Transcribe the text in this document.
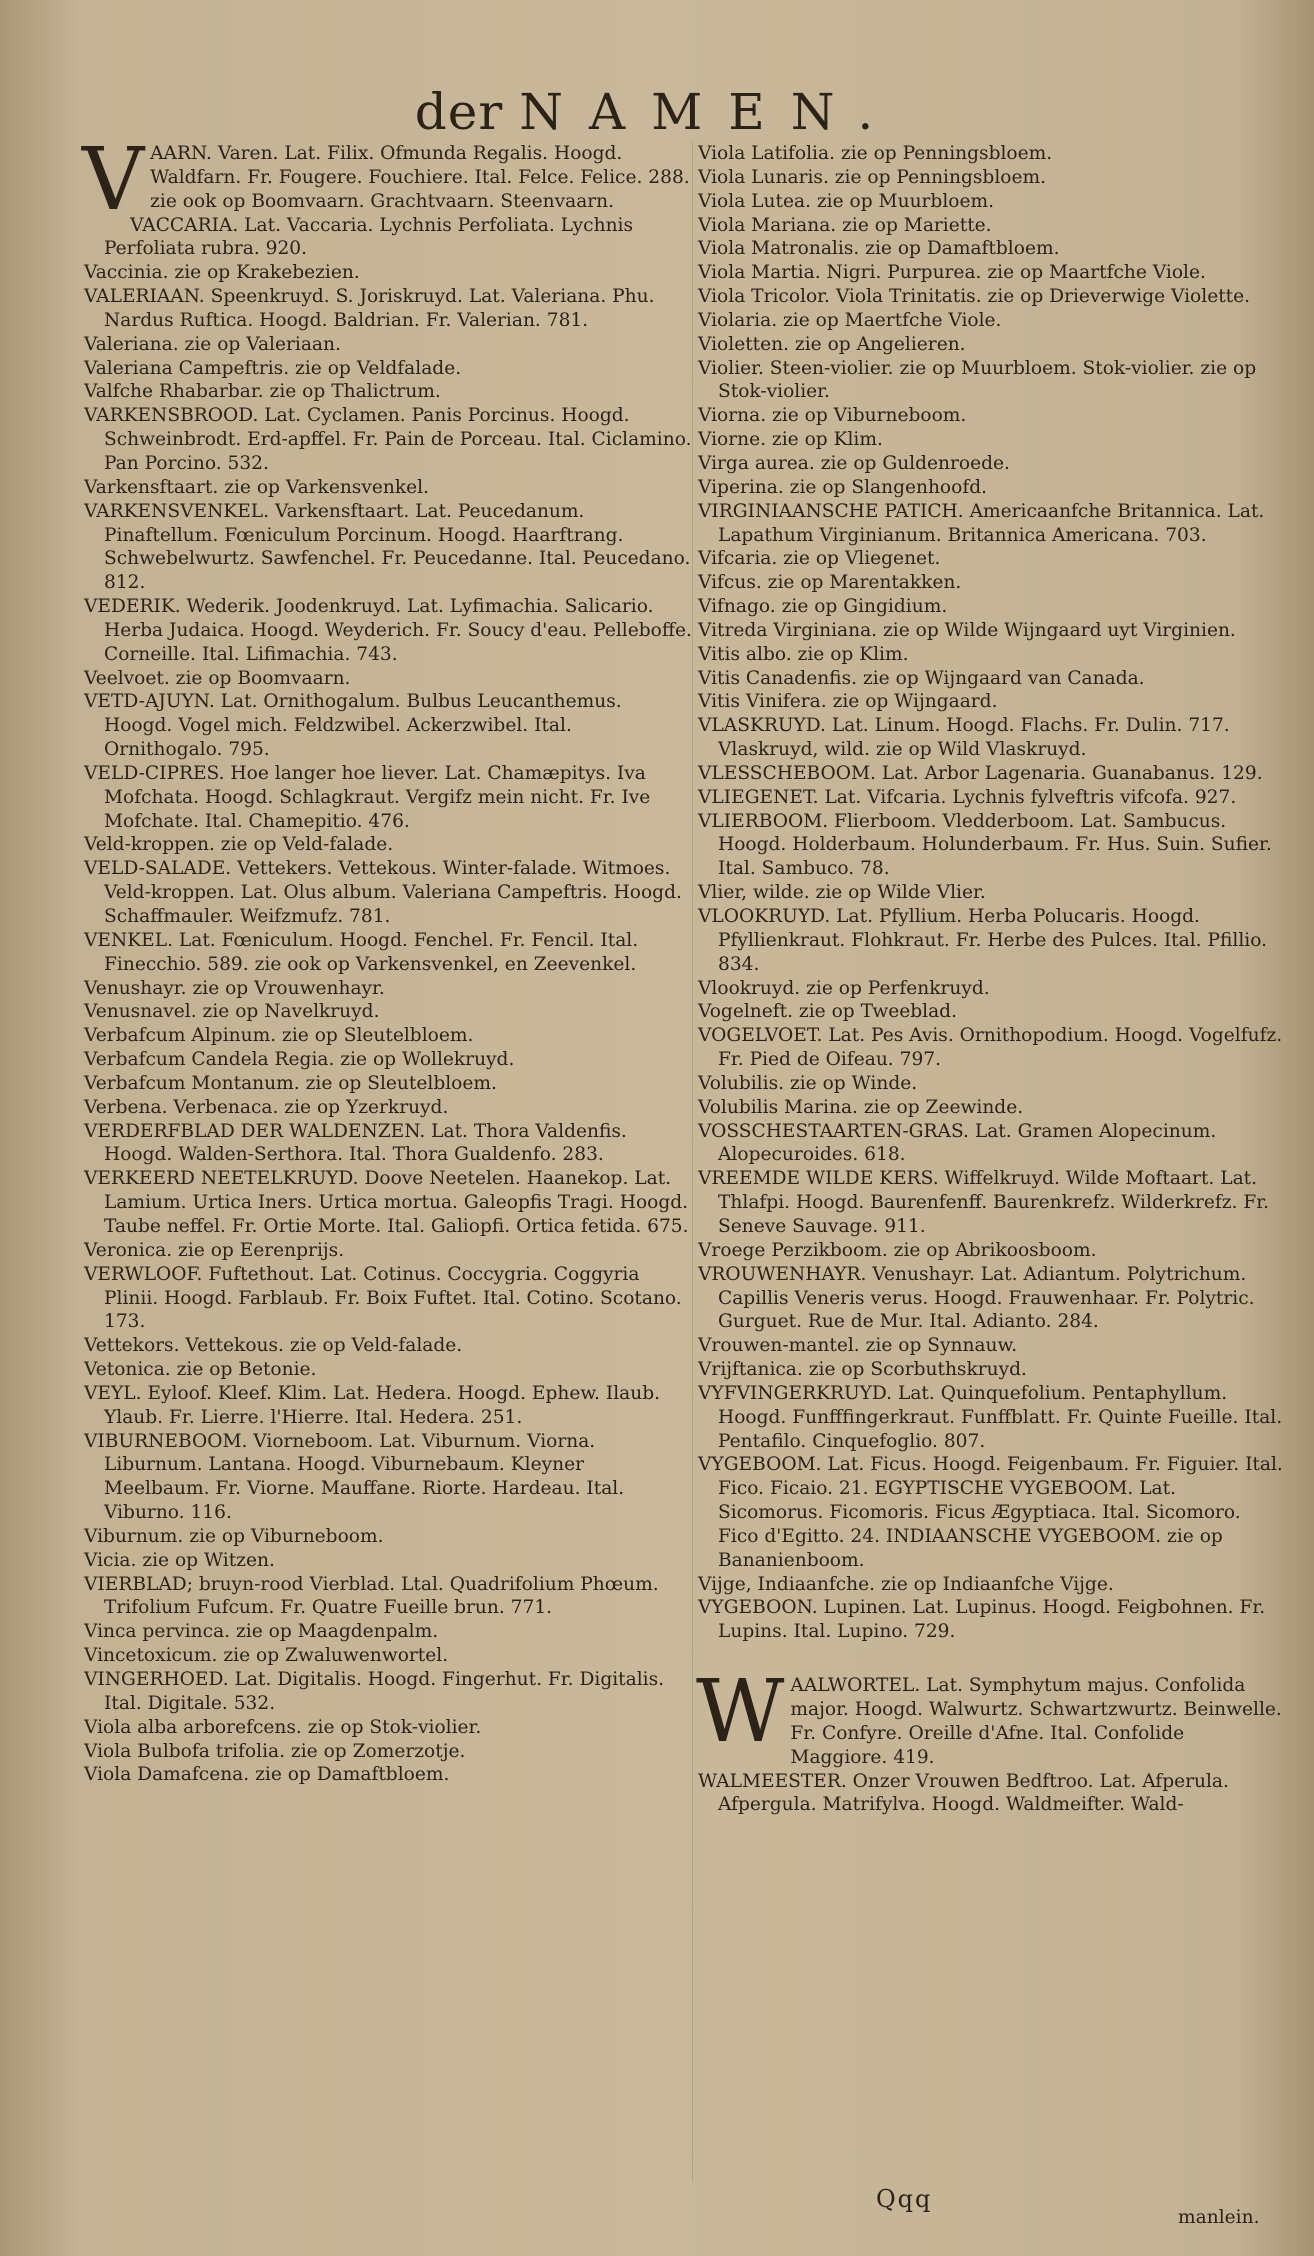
der NAMEN.
VAARN. Varen. Lat. Filix. Ofmunda Regalis. Hoogd. Waldfarn. Fr. Fougere. Fouchiere. Ital. Felce. Felice. 288. zie ook op Boomvaarn. Grachtvaarn. Steenvaarn.
VACCARIA. Lat. Vaccaria. Lychnis Perfoliata. Lychnis Perfoliata rubra. 920.
Vaccinia. zie op Krakebezien.
VALERIAAN. Speenkruyd. S. Joriskruyd. Lat. Valeriana. Phu. Nardus Ruftica. Hoogd. Baldrian. Fr. Valerian. 781.
Valeriana. zie op Valeriaan.
Valeriana Campeftris. zie op Veldfalade.
Valfche Rhabarbar. zie op Thalictrum.
VARKENSBROOD. Lat. Cyclamen. Panis Porcinus. Hoogd. Schweinbrodt. Erd-apffel. Fr. Pain de Porceau. Ital. Ciclamino. Pan Porcino. 532.
Varkensftaart. zie op Varkensvenkel.
VARKENSVENKEL. Varkensftaart. Lat. Peucedanum. Pinaftellum. Fœniculum Porcinum. Hoogd. Haarftrang. Schwebelwurtz. Sawfenchel. Fr. Peucedanne. Ital. Peucedano. 812.
VEDERIK. Wederik. Joodenkruyd. Lat. Lyfimachia. Salicario. Herba Judaica. Hoogd. Weyderich. Fr. Soucy d'eau. Pelleboffe. Corneille. Ital. Lifimachia. 743.
Veelvoet. zie op Boomvaarn.
VETD-AJUYN. Lat. Ornithogalum. Bulbus Leucanthemus. Hoogd. Vogel mich. Feldzwibel. Ackerzwibel. Ital. Ornithogalo. 795.
VELD-CIPRES. Hoe langer hoe liever. Lat. Chamæpitys. Iva Mofchata. Hoogd. Schlagkraut. Vergifz mein nicht. Fr. Ive Mofchate. Ital. Chamepitio. 476.
Veld-kroppen. zie op Veld-falade.
VELD-SALADE. Vettekers. Vettekous. Winter-falade. Witmoes. Veld-kroppen. Lat. Olus album. Valeriana Campeftris. Hoogd. Schaffmauler. Weifzmufz. 781.
VENKEL. Lat. Fœniculum. Hoogd. Fenchel. Fr. Fencil. Ital. Finecchio. 589. zie ook op Varkensvenkel, en Zeevenkel.
Venushayr. zie op Vrouwenhayr.
Venusnavel. zie op Navelkruyd.
Verbafcum Alpinum. zie op Sleutelbloem.
Verbafcum Candela Regia. zie op Wollekruyd.
Verbafcum Montanum. zie op Sleutelbloem.
Verbena. Verbenaca. zie op Yzerkruyd.
VERDERFBLAD DER WALDENZEN. Lat. Thora Valdenfis. Hoogd. Walden-Serthora. Ital. Thora Gualdenfo. 283.
VERKEERD NEETELKRUYD. Doove Neetelen. Haanekop. Lat. Lamium. Urtica Iners. Urtica mortua. Galeopfis Tragi. Hoogd. Taube neffel. Fr. Ortie Morte. Ital. Galiopfi. Ortica fetida. 675.
Veronica. zie op Eerenprijs.
VERWLOOF. Fuftethout. Lat. Cotinus. Coccygria. Coggyria Plinii. Hoogd. Farblaub. Fr. Boix Fuftet. Ital. Cotino. Scotano. 173.
Vettekors. Vettekous. zie op Veld-falade.
Vetonica. zie op Betonie.
VEYL. Eyloof. Kleef. Klim. Lat. Hedera. Hoogd. Ephew. Ilaub. Ylaub. Fr. Lierre. l'Hierre. Ital. Hedera. 251.
VIBURNEBOOM. Viorneboom. Lat. Viburnum. Viorna. Liburnum. Lantana. Hoogd. Viburnebaum. Kleyner Meelbaum. Fr. Viorne. Mauffane. Riorte. Hardeau. Ital. Viburno. 116.
Viburnum. zie op Viburneboom.
Vicia. zie op Witzen.
VIERBLAD; bruyn-rood Vierblad. Ltal. Quadrifolium Phœum. Trifolium Fufcum. Fr. Quatre Fueille brun. 771.
Vinca pervinca. zie op Maagdenpalm.
Vincetoxicum. zie op Zwaluwenwortel.
VINGERHOED. Lat. Digitalis. Hoogd. Fingerhut. Fr. Digitalis. Ital. Digitale. 532.
Viola alba arborefcens. zie op Stok-violier.
Viola Bulbofa trifolia. zie op Zomerzotje.
Viola Damafcena. zie op Damaftbloem.
Viola Latifolia. zie op Penningsbloem.
Viola Lunaris. zie op Penningsbloem.
Viola Lutea. zie op Muurbloem.
Viola Mariana. zie op Mariette.
Viola Matronalis. zie op Damaftbloem.
Viola Martia. Nigri. Purpurea. zie op Maartfche Viole.
Viola Tricolor. Viola Trinitatis. zie op Drieverwige Violette.
Violaria. zie op Maertfche Viole.
Violetten. zie op Angelieren.
Violier. Steen-violier. zie op Muurbloem. Stok-violier. zie op Stok-violier.
Viorna. zie op Viburneboom.
Viorne. zie op Klim.
Virga aurea. zie op Guldenroede.
Viperina. zie op Slangenhoofd.
VIRGINIAANSCHE PATICH. Americaanfche Britannica. Lat. Lapathum Virginianum. Britannica Americana. 703.
Vifcaria. zie op Vliegenet.
Vifcus. zie op Marentakken.
Vifnago. zie op Gingidium.
Vitreda Virginiana. zie op Wilde Wijngaard uyt Virginien.
Vitis albo. zie op Klim.
Vitis Canadenfis. zie op Wijngaard van Canada.
Vitis Vinifera. zie op Wijngaard.
VLASKRUYD. Lat. Linum. Hoogd. Flachs. Fr. Dulin. 717. Vlaskruyd, wild. zie op Wild Vlaskruyd.
VLESSCHEBOOM. Lat. Arbor Lagenaria. Guanabanus. 129.
VLIEGENET. Lat. Vifcaria. Lychnis fylveftris vifcofa. 927.
VLIERBOOM. Flierboom. Vledderboom. Lat. Sambucus. Hoogd. Holderbaum. Holunderbaum. Fr. Hus. Suin. Sufier. Ital. Sambuco. 78.
Vlier, wilde. zie op Wilde Vlier.
VLOOKRUYD. Lat. Pfyllium. Herba Polucaris. Hoogd. Pfyllienkraut. Flohkraut. Fr. Herbe des Pulces. Ital. Pfillio. 834.
Vlookruyd. zie op Perfenkruyd.
Vogelneft. zie op Tweeblad.
VOGELVOET. Lat. Pes Avis. Ornithopodium. Hoogd. Vogelfufz. Fr. Pied de Oifeau. 797.
Volubilis. zie op Winde.
Volubilis Marina. zie op Zeewinde.
VOSSCHESTAARTEN-GRAS. Lat. Gramen Alopecinum. Alopecuroides. 618.
VREEMDE WILDE KERS. Wiffelkruyd. Wilde Moftaart. Lat. Thlafpi. Hoogd. Baurenfenff. Baurenkrefz. Wilderkrefz. Fr. Seneve Sauvage. 911.
Vroege Perzikboom. zie op Abrikoosboom.
VROUWENHAYR. Venushayr. Lat. Adiantum. Polytrichum. Capillis Veneris verus. Hoogd. Frauwenhaar. Fr. Polytric. Gurguet. Rue de Mur. Ital. Adianto. 284.
Vrouwen-mantel. zie op Synnauw.
Vrijftanica. zie op Scorbuthskruyd.
VYFVINGERKRUYD. Lat. Quinquefolium. Pentaphyllum. Hoogd. Funfffingerkraut. Funffblatt. Fr. Quinte Fueille. Ital. Pentafilo. Cinquefoglio. 807.
VYGEBOOM. Lat. Ficus. Hoogd. Feigenbaum. Fr. Figuier. Ital. Fico. Ficaio. 21. EGYPTISCHE VYGEBOOM. Lat. Sicomorus. Ficomoris. Ficus Ægyptiaca. Ital. Sicomoro. Fico d'Egitto. 24. INDIAANSCHE VYGEBOOM. zie op Bananienboom.
Vijge, Indiaanfche. zie op Indiaanfche Vijge.
VYGEBOON. Lupinen. Lat. Lupinus. Hoogd. Feigbohnen. Fr. Lupins. Ital. Lupino. 729.
WAALWORTEL. Lat. Symphytum majus. Confolida major. Hoogd. Walwurtz. Schwartzwurtz. Beinwelle. Fr. Confyre. Oreille d'Afne. Ital. Confolide Maggiore. 419.
WALMEESTER. Onzer Vrouwen Bedftroo. Lat. Afperula. Afpergula. Matrifylva. Hoogd. Waldmeifter. Wald-
Qqq
manlein.
